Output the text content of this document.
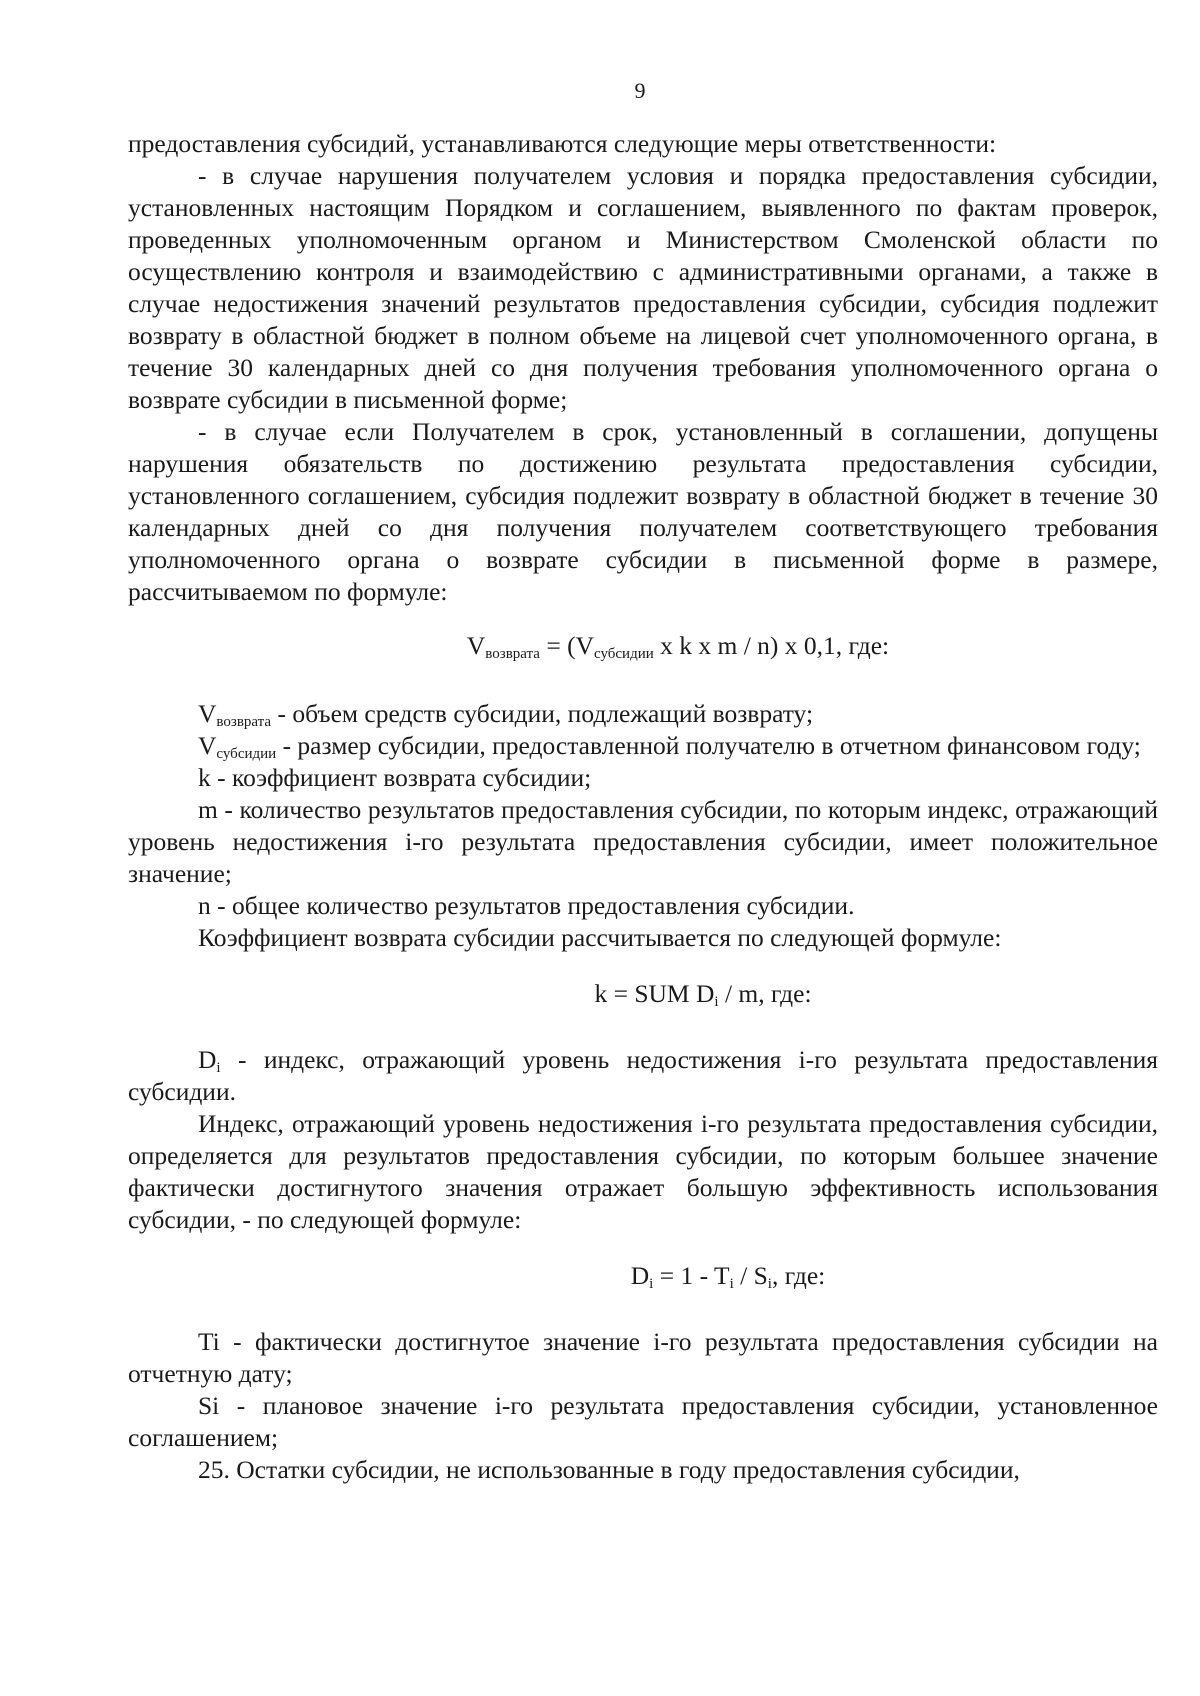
9

предоставления субсидий, устанавливаются следующие меры ответственности:

- в случае нарушения получателем условия и порядка предоставления субсидии, установленных настоящим Порядком и соглашением, выявленного по фактам проверок, проведенных уполномоченным органом и Министерством Смоленской области по осуществлению контроля и взаимодействию с административными органами, а также в случае недостижения значений результатов предоставления субсидии, субсидия подлежит возврату в областной бюджет в полном объеме на лицевой счет уполномоченного органа, в течение 30 календарных дней со дня получения требования уполномоченного органа о возврате субсидии в письменной форме;

- в случае если Получателем в срок, установленный в соглашении, допущены нарушения обязательств по достижению результата предоставления субсидии, установленного соглашением, субсидия подлежит возврату в областной бюджет в течение 30 календарных дней со дня получения получателем соответствующего требования уполномоченного органа о возврате субсидии в письменной форме в размере, рассчитываемом по формуле:

$V_{возврата} = (V_{субсидии}$ x k x m / n) x 0,1, где:

$V_{возврата}$ - объем средств субсидии, подлежащий возврату;

$V_{субсидии}$ - размер субсидии, предоставленной получателю в отчетном финансовом году;

k - коэффициент возврата субсидии;

m - количество результатов предоставления субсидии, по которым индекс, отражающий уровень недостижения i-го результата предоставления субсидии, имеет положительное значение;

n - общее количество результатов предоставления субсидии.

Коэффициент возврата субсидии рассчитывается по следующей формуле:

k = SUM $D_i$ / m, где:

$D_i$ - индекс, отражающий уровень недостижения i-го результата предоставления субсидии.

Индекс, отражающий уровень недостижения i-го результата предоставления субсидии, определяется для результатов предоставления субсидии, по которым большее значение фактически достигнутого значения отражает большую эффективность использования субсидии, - по следующей формуле:

$D_i = 1 - T_i / S_i$, где:

Ti - фактически достигнутое значение i-го результата предоставления субсидии на отчетную дату;

Si - плановое значение i-го результата предоставления субсидии, установленное соглашением;

25. Остатки субсидии, не использованные в году предоставления субсидии,
